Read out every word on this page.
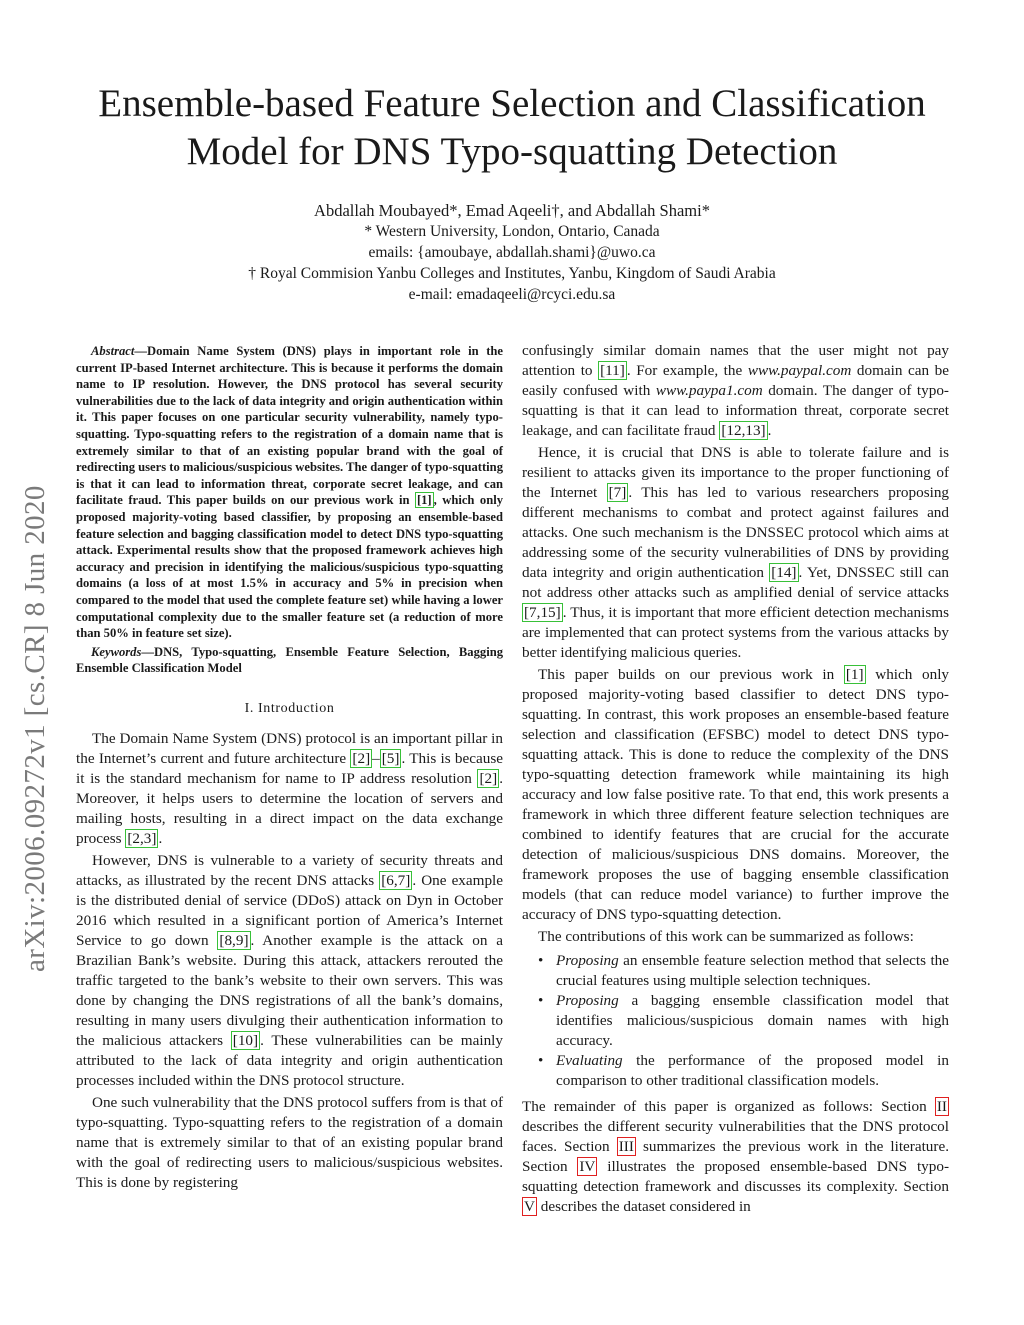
arXiv:2006.09272v1 [cs.CR] 8 Jun 2020
Ensemble-based Feature Selection and Classification
Model for DNS Typo-squatting Detection
Abdallah Moubayed*, Emad Aqeeli†, and Abdallah Shami*
* Western University, London, Ontario, Canada
emails: {amoubaye, abdallah.shami}@uwo.ca
† Royal Commision Yanbu Colleges and Institutes, Yanbu, Kingdom of Saudi Arabia
e-mail: emadaqeeli@rcyci.edu.sa

Abstract—Domain Name System (DNS) plays in important role in the current IP-based Internet architecture. This is because it performs the domain name to IP resolution. However, the DNS protocol has several security vulnerabilities due to the lack of data integrity and origin authentication within it. This paper focuses on one particular security vulnerability, namely typo-squatting. Typo-squatting refers to the registration of a domain name that is extremely similar to that of an existing popular brand with the goal of redirecting users to malicious/suspicious websites. The danger of typo-squatting is that it can lead to information threat, corporate secret leakage, and can facilitate fraud. This paper builds on our previous work in [1] , which only proposed majority-voting based classifier, by proposing an ensemble-based feature selection and bagging classification model to detect DNS typo-squatting attack. Experimental results show that the proposed framework achieves high accuracy and precision in identifying the malicious/suspicious typo-squatting domains (a loss of at most 1.5% in accuracy and 5% in precision when compared to the model that used the complete feature set) while having a lower computational complexity due to the smaller feature set (a reduction of more than 50% in feature set size).

Keywords—DNS, Typo-squatting, Ensemble Feature Selection, Bagging Ensemble Classification Model

I. Introduction

The Domain Name System (DNS) protocol is an important pillar in the Internet’s current and future architecture [2] – [5] . This is because it is the standard mechanism for name to IP address resolution [2] . Moreover, it helps users to determine the location of servers and mailing hosts, resulting in a direct impact on the data exchange process [2,3] .

However, DNS is vulnerable to a variety of security threats and attacks, as illustrated by the recent DNS attacks [6,7] . One example is the distributed denial of service (DDoS) attack on Dyn in October 2016 which resulted in a significant portion of America’s Internet Service to go down [8,9] . Another example is the attack on a Brazilian Bank’s website. During this attack, attackers rerouted the traffic targeted to the bank’s website to their own servers. This was done by changing the DNS registrations of all the bank’s domains, resulting in many users divulging their authentication information to the malicious attackers [10] . These vulnerabilities can be mainly attributed to the lack of data integrity and origin authentication processes included within the DNS protocol structure.

One such vulnerability that the DNS protocol suffers from is that of typo-squatting. Typo-squatting refers to the registration of a domain name that is extremely similar to that of an existing popular brand with the goal of redirecting users to malicious/suspicious websites. This is done by registering

confusingly similar domain names that the user might not pay attention to [11] . For example, the www.paypal.com domain can be easily confused with www.paypa1.com domain. The danger of typo-squatting is that it can lead to information threat, corporate secret leakage, and can facilitate fraud [12,13] .

Hence, it is crucial that DNS is able to tolerate failure and is resilient to attacks given its importance to the proper functioning of the Internet [7] . This has led to various researchers proposing different mechanisms to combat and protect against failures and attacks. One such mechanism is the DNSSEC protocol which aims at addressing some of the security vulnerabilities of DNS by providing data integrity and origin authentication [14] . Yet, DNSSEC still can not address other attacks such as amplified denial of service attacks [7,15] . Thus, it is important that more efficient detection mechanisms are implemented that can protect systems from the various attacks by better identifying malicious queries.

This paper builds on our previous work in [1] which only proposed majority-voting based classifier to detect DNS typo-squatting. In contrast, this work proposes an ensemble-based feature selection and classification (EFSBC) model to detect DNS typo-squatting attack. This is done to reduce the complexity of the DNS typo-squatting detection framework while maintaining its high accuracy and low false positive rate. To that end, this work presents a framework in which three different feature selection techniques are combined to identify features that are crucial for the accurate detection of malicious/suspicious DNS domains. Moreover, the framework proposes the use of bagging ensemble classification models (that can reduce model variance) to further improve the accuracy of DNS typo-squatting detection.

The contributions of this work can be summarized as follows:

• Proposing an ensemble feature selection method that selects the crucial features using multiple selection techniques.
• Proposing a bagging ensemble classification model that identifies malicious/suspicious domain names with high accuracy.
• Evaluating the performance of the proposed model in comparison to other traditional classification models.

The remainder of this paper is organized as follows: Section II describes the different security vulnerabilities that the DNS protocol faces. Section III summarizes the previous work in the literature. Section IV illustrates the proposed ensemble-based DNS typo-squatting detection framework and discusses its complexity. Section V describes the dataset considered in
